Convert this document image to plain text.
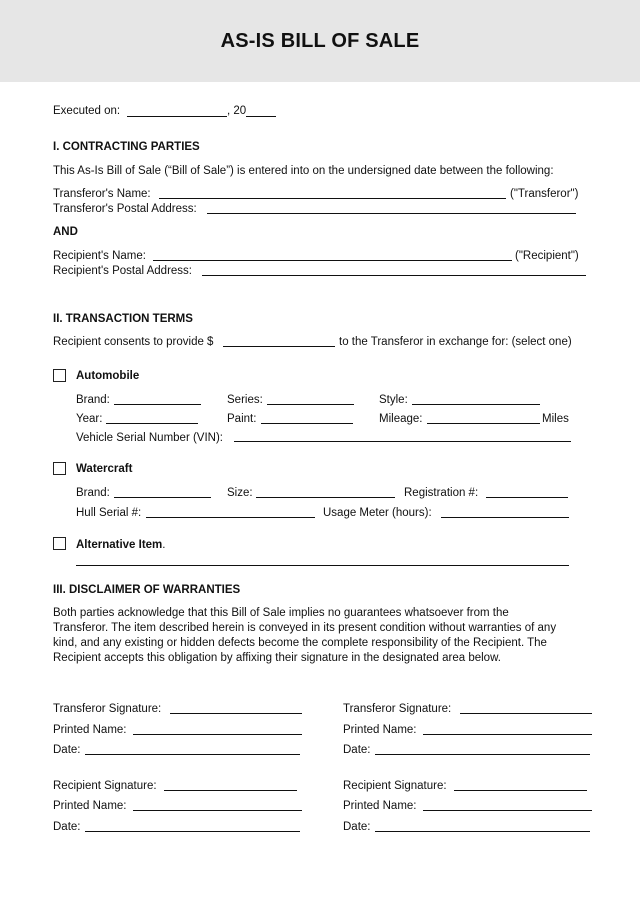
AS-IS BILL OF SALE
Executed on:	, 20
I. CONTRACTING PARTIES
This As-Is Bill of Sale (“Bill of Sale”) is entered into on the undersigned date between the following:
Transferor's Name:	("Transferor")
Transferor's Postal Address:
AND
Recipient's Name:	("Recipient")
Recipient's Postal Address:
II. TRANSACTION TERMS
Recipient consents to provide $	to the Transferor in exchange for: (select one)
Automobile
Brand:	Series:	Style:
Year:	Paint:	Mileage:	Miles
Vehicle Serial Number (VIN):
Watercraft
Brand:	Size:	Registration #:
Hull Serial #:	Usage Meter (hours):
Alternative Item.
III. DISCLAIMER OF WARRANTIES
Both parties acknowledge that this Bill of Sale implies no guarantees whatsoever from the
Transferor. The item described herein is conveyed in its present condition without warranties of any
kind, and any existing or hidden defects become the complete responsibility of the Recipient. The
Recipient accepts this obligation by affixing their signature in the designated area below.
Transferor Signature:
Printed Name:
Date:
Recipient Signature:
Printed Name:
Date:
Transferor Signature:
Printed Name:
Date:
Recipient Signature:
Printed Name:
Date:
